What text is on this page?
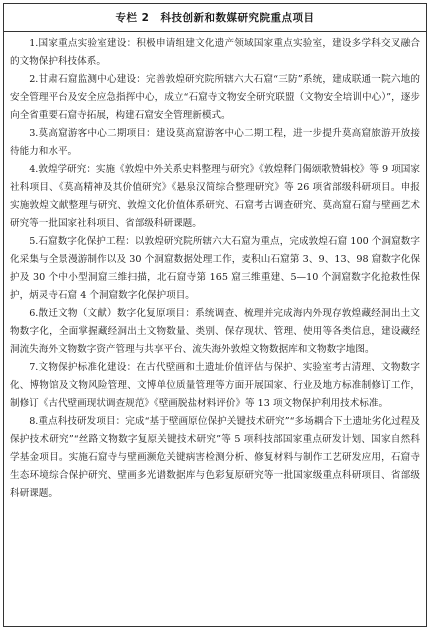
专栏 2　科技创新和数媒研究院重点项目

1.国家重点实验室建设：积极申请组建文化遗产领域国家重点实验室，建设多学科交叉融合的文物保护科技体系。

2.甘肃石窟监测中心建设：完善敦煌研究院所辖六大石窟“三防”系统，建成联通一院六地的安全管理平台及安全应急指挥中心，成立“石窟寺文物安全研究联盟（文物安全培训中心）”，逐步向全省重要石窟寺拓展，构建石窟安全管理新模式。

3.莫高窟游客中心二期项目：建设莫高窟游客中心二期工程，进一步提升莫高窟旅游开放接待能力和水平。

4.敦煌学研究：实施《敦煌中外关系史料整理与研究》《敦煌释门偈颂歌赞辑校》等 9 项国家社科项目、《莫高精神及其价值研究》《悬泉汉简综合整理研究》等 26 项省部级科研项目。申报实施敦煌文献整理与研究、敦煌文化价值体系研究、石窟考古调查研究、莫高窟石窟与壁画艺术研究等一批国家社科项目、省部级科研课题。

5.石窟数字化保护工程：以敦煌研究院所辖六大石窟为重点，完成敦煌石窟 100 个洞窟数字化采集与全景漫游制作以及 30 个洞窟数据处理工作，麦积山石窟第 3、9、13、98 窟数字化保护及 30 个中小型洞窟三维扫描，北石窟寺第 165 窟三维重建、5—10 个洞窟数字化抢救性保护，炳灵寺石窟 4 个洞窟数字化保护项目。

6.散迁文物（文献）数字化复原项目：系统调查、梳理并完成海内外现存敦煌藏经洞出土文物数字化，全面掌握藏经洞出土文物数量、类别、保存现状、管理、使用等各类信息，建设藏经洞流失海外文物数字资产管理与共享平台、流失海外敦煌文物数据库和文物数字地图。

7.文物保护标准化建设：在古代壁画和土遗址价值评估与保护、实验室考古清理、文物数字化、博物馆及文物风险管理、文博单位质量管理等方面开展国家、行业及地方标准制修订工作，制修订《古代壁画现状调查规范》《壁画脱盐材料评价》等 13 项文物保护利用技术标准。

8.重点科技研发项目：完成“基于壁画原位保护关键技术研究”“多场耦合下土遗址劣化过程及保护技术研究”“丝路文物数字复原关键技术研究”等 5 项科技部国家重点研发计划、国家自然科学基金项目。实施石窟寺与壁画濒危关键病害检测分析、修复材料与制作工艺研发应用，石窟寺生态环境综合保护研究、壁画多光谱数据库与色彩复原研究等一批国家级重点科研项目、省部级科研课题。
